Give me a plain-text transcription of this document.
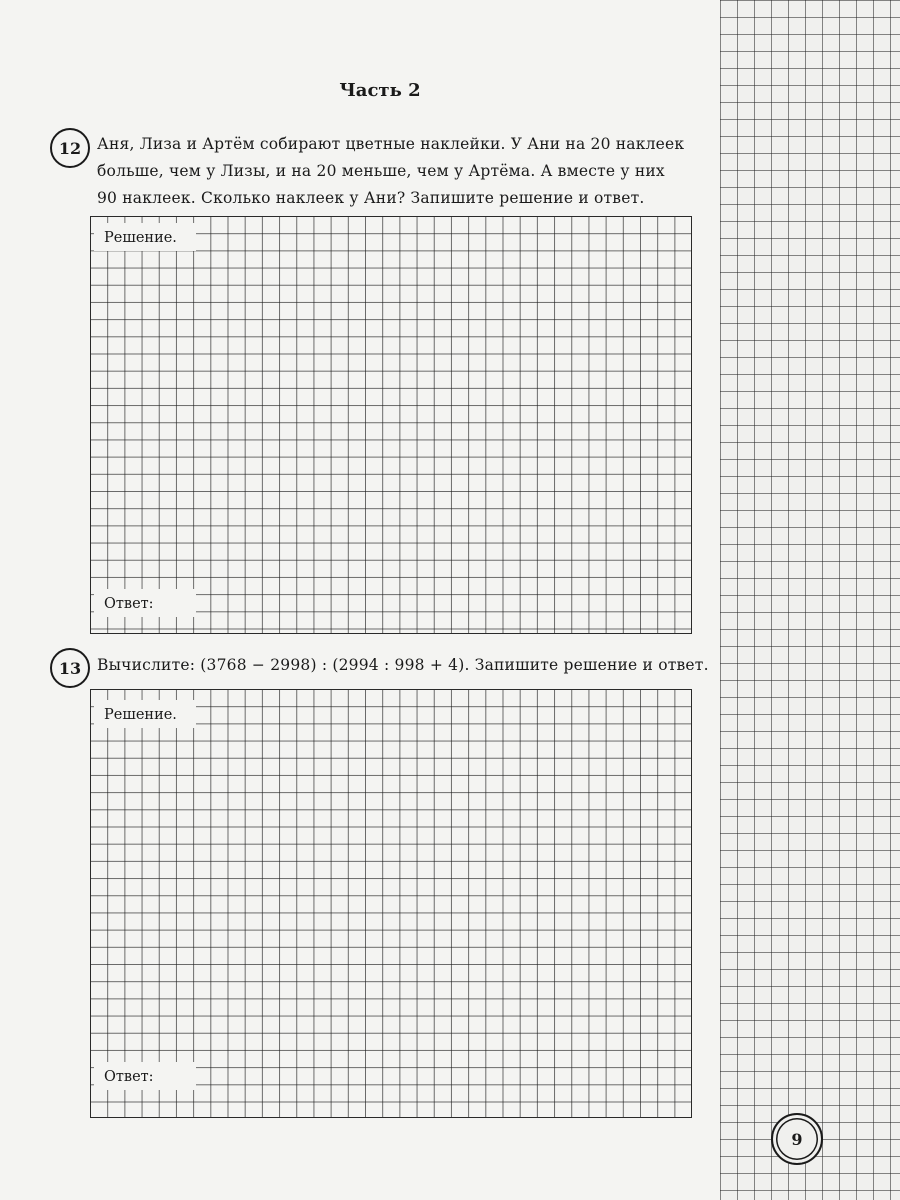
Часть 2
12	Аня, Лиза и Артём собирают цветные наклейки. У Ани на 20 наклеек
больше, чем у Лизы, и на 20 меньше, чем у Артёма. А вместе у них
90 наклеек. Сколько наклеек у Ани? Запишите решение и ответ.
Решение.
Ответ:
13	Вычислите: (3768 − 2998) : (2994 : 998 + 4). Запишите решение и ответ.
Решение.
Ответ:
9
